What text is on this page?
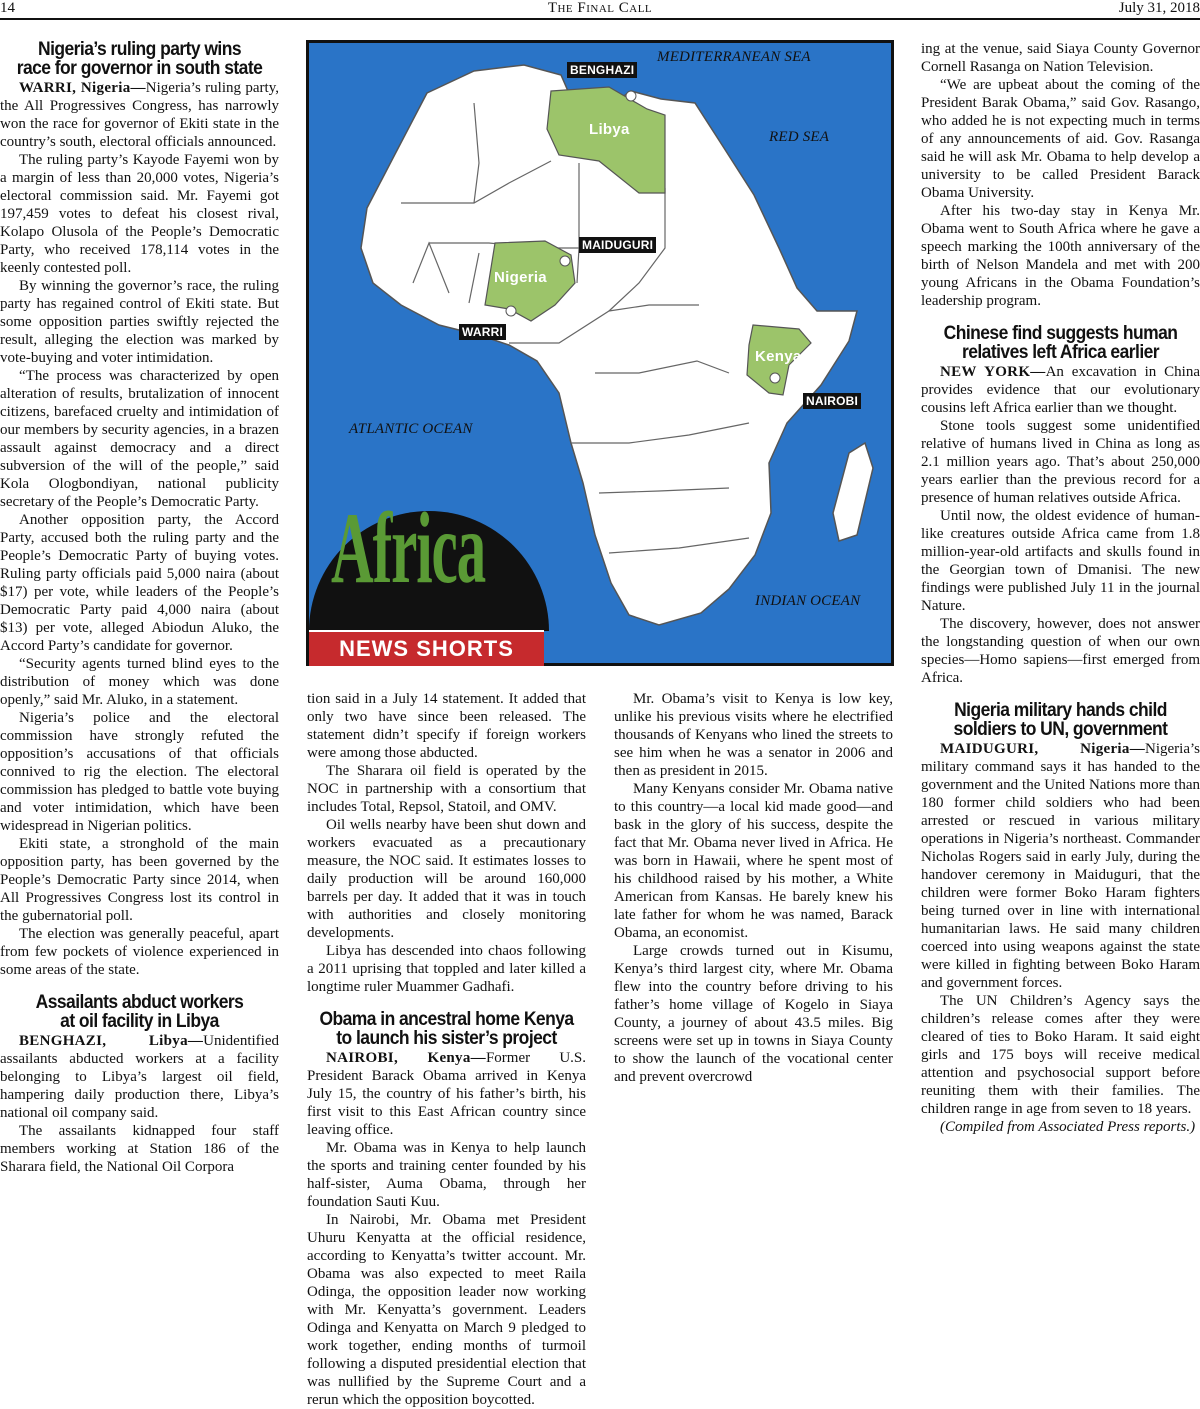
14	The Final Call	July 31, 2018
Nigeria’s ruling party wins
race for governor in south state

WARRI, Nigeria—Nigeria’s ruling party, the All Progressives Congress, has narrowly won the race for governor of Ekiti state in the country’s south, electoral officials announced.

The ruling party’s Kayode Fayemi won by a margin of less than 20,000 votes, Nigeria’s electoral commission said. Mr. Fayemi got 197,459 votes to defeat his closest rival, Kolapo Olusola of the People’s Democratic Party, who received 178,114 votes in the keenly contested poll.

By winning the governor’s race, the ruling party has regained control of Ekiti state. But some opposition parties swiftly rejected the result, alleging the election was marked by vote-buying and voter intimidation.

“The process was characterized by open alteration of results, brutalization of innocent citizens, barefaced cruelty and intimidation of our members by security agencies, in a brazen assault against democracy and a direct subversion of the will of the people,” said Kola Ologbondiyan, national publicity secretary of the People’s Democratic Party.

Another opposition party, the Accord Party, accused both the ruling party and the People’s Democratic Party of buying votes. Ruling party officials paid 5,000 naira (about $17) per vote, while leaders of the People’s Democratic Party paid 4,000 naira (about $13) per vote, alleged Abiodun Aluko, the Accord Party’s candidate for governor.

“Security agents turned blind eyes to the distribution of money which was done openly,” said Mr. Aluko, in a statement.

Nigeria’s police and the electoral commission have strongly refuted the opposition’s accusations of that officials connived to rig the election. The electoral commission has pledged to battle vote buying and voter intimidation, which have been widespread in Nigerian politics.

Ekiti state, a stronghold of the main opposition party, has been governed by the People’s Democratic Party since 2014, when All Progressives Congress lost its control in the gubernatorial poll.

The election was generally peaceful, apart from few pockets of violence experienced in some areas of the state.

Assailants abduct workers
at oil facility in Libya

BENGHAZI, Libya—Unidentified assailants abducted workers at a facility belonging to Libya’s largest oil field, hampering daily production there, Libya’s national oil company said.

The assailants kidnapped four staff members working at Station 186 of the Sharara field, the National Oil Corpora

MEDITERRANEAN SEA
RED SEA
ATLANTIC OCEAN
INDIAN OCEAN
BENGHAZI
MAIDUGURI
WARRI
NAIROBI
Libya
Nigeria
Kenya
Africa
NEWS SHORTS

tion said in a July 14 statement. It added that only two have since been released. The statement didn’t specify if foreign workers were among those abducted.

The Sharara oil field is operated by the NOC in partnership with a consortium that includes Total, Repsol, Statoil, and OMV.

Oil wells nearby have been shut down and workers evacuated as a precautionary measure, the NOC said. It estimates losses to daily production will be around 160,000 barrels per day. It added that it was in touch with authorities and closely monitoring developments.

Libya has descended into chaos following a 2011 uprising that toppled and later killed a longtime ruler Muammer Gadhafi.

Obama in ancestral home Kenya
to launch his sister’s project

NAIROBI, Kenya—Former U.S. President Barack Obama arrived in Kenya July 15, the country of his father’s birth, his first visit to this East African country since leaving office.

Mr. Obama was in Kenya to help launch the sports and training center founded by his half-sister, Auma Obama, through her foundation Sauti Kuu.

In Nairobi, Mr. Obama met President Uhuru Kenyatta at the official residence, according to Kenyatta’s twitter account. Mr. Obama was also expected to meet Raila Odinga, the opposition leader now working with Mr. Kenyatta’s government. Leaders Odinga and Kenyatta on March 9 pledged to work together, ending months of turmoil following a disputed presidential election that was nullified by the Supreme Court and a rerun which the opposition boycotted.

Mr. Obama’s visit to Kenya is low key, unlike his previous visits where he electrified thousands of Kenyans who lined the streets to see him when he was a senator in 2006 and then as president in 2015.

Many Kenyans consider Mr. Obama native to this country—a local kid made good—and bask in the glory of his success, despite the fact that Mr. Obama never lived in Africa. He was born in Hawaii, where he spent most of his childhood raised by his mother, a White American from Kansas. He barely knew his late father for whom he was named, Barack Obama, an economist.

Large crowds turned out in Kisumu, Kenya’s third largest city, where Mr. Obama flew into the country before driving to his father’s home village of Kogelo in Siaya County, a journey of about 43.5 miles. Big screens were set up in towns in Siaya County to show the launch of the vocational center and prevent overcrowd

ing at the venue, said Siaya County Governor Cornell Rasanga on Nation Television.

“We are upbeat about the coming of the President Barak Obama,” said Gov. Rasango, who added he is not expecting much in terms of any announcements of aid. Gov. Rasanga said he will ask Mr. Obama to help develop a university to be called President Barack Obama University.

After his two-day stay in Kenya Mr. Obama went to South Africa where he gave a speech marking the 100th anniversary of the birth of Nelson Mandela and met with 200 young Africans in the Obama Foundation’s leadership program.

Chinese find suggests human
relatives left Africa earlier

NEW YORK—An excavation in China provides evidence that our evolutionary cousins left Africa earlier than we thought.

Stone tools suggest some unidentified relative of humans lived in China as long as 2.1 million years ago. That’s about 250,000 years earlier than the previous record for a presence of human relatives outside Africa.

Until now, the oldest evidence of human-like creatures outside Africa came from 1.8 million-year-old artifacts and skulls found in the Georgian town of Dmanisi. The new findings were published July 11 in the journal Nature.

The discovery, however, does not answer the longstanding question of when our own species—Homo sapiens—first emerged from Africa.

Nigeria military hands child
soldiers to UN, government

MAIDUGURI, Nigeria—Nigeria’s military command says it has handed to the government and the United Nations more than 180 former child soldiers who had been arrested or rescued in various military operations in Nigeria’s northeast. Commander Nicholas Rogers said in early July, during the handover ceremony in Maiduguri, that the children were former Boko Haram fighters being turned over in line with international humanitarian laws. He said many children coerced into using weapons against the state were killed in fighting between Boko Haram and government forces.

The UN Children’s Agency says the children’s release comes after they were cleared of ties to Boko Haram. It said eight girls and 175 boys will receive medical attention and psychosocial support before reuniting them with their families. The children range in age from seven to 18 years.

(Compiled from Associated Press reports.)
